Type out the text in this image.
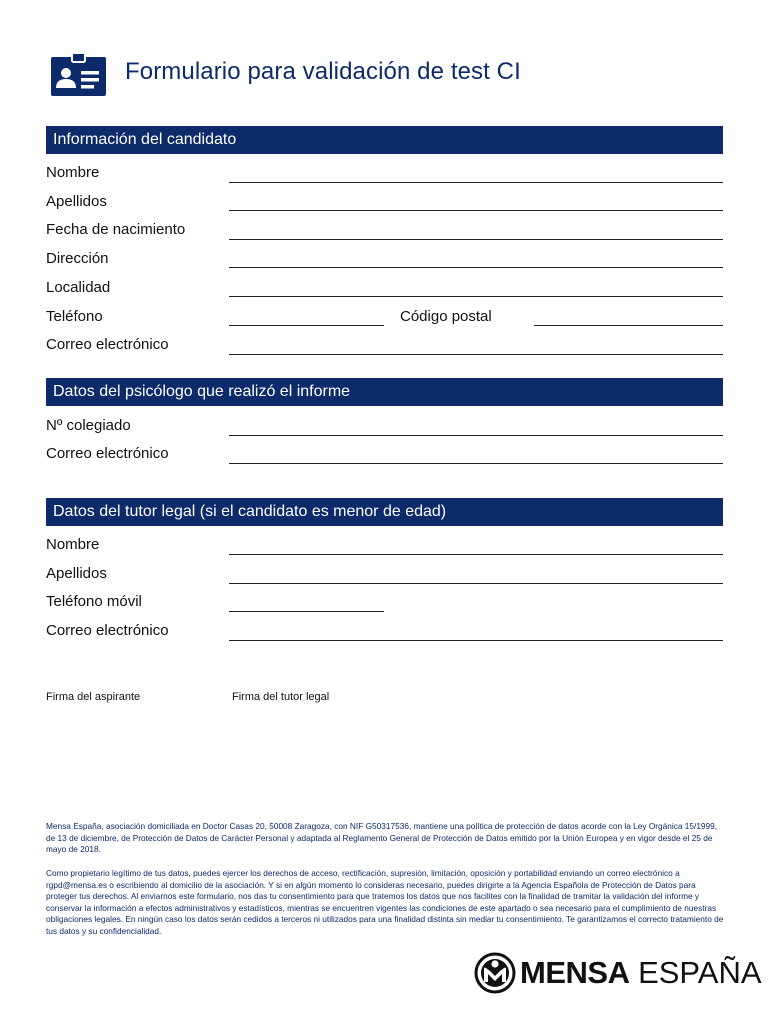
Formulario para validación de test CI
Información del candidato
Nombre
Apellidos
Fecha de nacimiento
Dirección
Localidad
Teléfono	Código postal
Correo electrónico
Datos del psicólogo que realizó el informe
Nº colegiado
Correo electrónico
Datos del tutor legal (si el candidato es menor de edad)
Nombre
Apellidos
Teléfono móvil
Correo electrónico
Firma del aspirante	Firma del tutor legal

Mensa España, asociación domiciliada en Doctor Casas 20, 50008 Zaragoza, con NIF G50317536, mantiene una política de protección de datos acorde con la Ley Orgánica 15/1999, de 13 de diciembre, de Protección de Datos de Carácter Personal y adaptada al Reglamento General de Protección de Datos emitido por la Unión Europea y en vigor desde el 25 de mayo de 2018.

Como propietario legítimo de tus datos, puedes ejercer los derechos de acceso, rectificación, supresión, limitación, oposición y portabilidad enviando un correo electrónico a rgpd@mensa.es o escribiendo al domicilio de la asociación. Y si en algún momento lo consideras necesario, puedes dirigirte a la Agencia Española de Protección de Datos para proteger tus derechos. Al enviarnos este formulario, nos das tu consentimiento para que tratemos los datos que nos facilites con la finalidad de tramitar la validación del informe y conservar la información a efectos administrativos y estadísticos, mientras se encuentren vigentes las condiciones de este apartado o sea necesario para el cumplimiento de nuestras obligaciones legales. En ningún caso los datos serán cedidos a terceros ni utilizados para una finalidad distinta sin mediar tu consentimiento. Te garantizamos el correcto tratamiento de tus datos y su confidencialidad.

MENSA ESPAÑA
